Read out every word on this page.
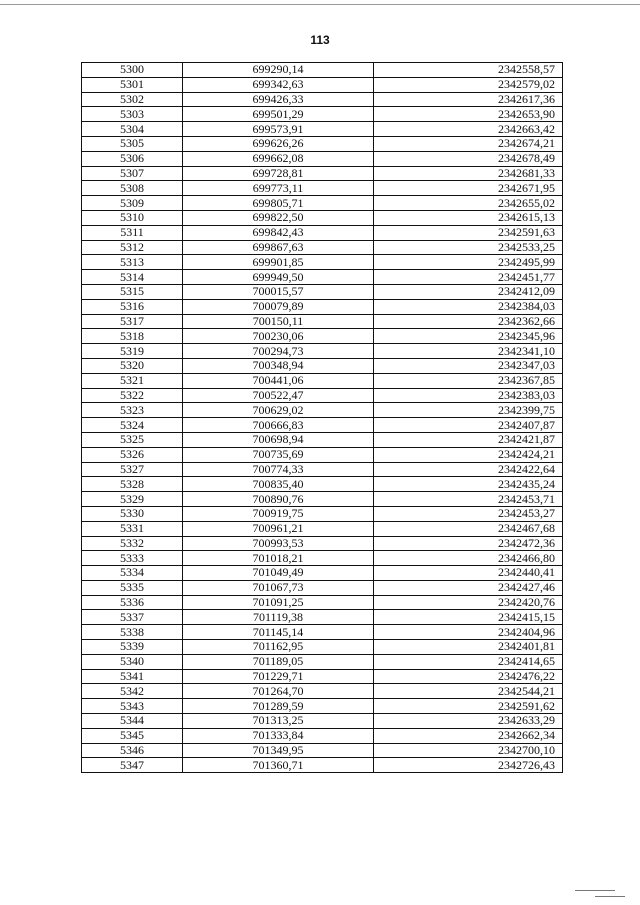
113
5300	699290,14	2342558,57
5301	699342,63	2342579,02
5302	699426,33	2342617,36
5303	699501,29	2342653,90
5304	699573,91	2342663,42
5305	699626,26	2342674,21
5306	699662,08	2342678,49
5307	699728,81	2342681,33
5308	699773,11	2342671,95
5309	699805,71	2342655,02
5310	699822,50	2342615,13
5311	699842,43	2342591,63
5312	699867,63	2342533,25
5313	699901,85	2342495,99
5314	699949,50	2342451,77
5315	700015,57	2342412,09
5316	700079,89	2342384,03
5317	700150,11	2342362,66
5318	700230,06	2342345,96
5319	700294,73	2342341,10
5320	700348,94	2342347,03
5321	700441,06	2342367,85
5322	700522,47	2342383,03
5323	700629,02	2342399,75
5324	700666,83	2342407,87
5325	700698,94	2342421,87
5326	700735,69	2342424,21
5327	700774,33	2342422,64
5328	700835,40	2342435,24
5329	700890,76	2342453,71
5330	700919,75	2342453,27
5331	700961,21	2342467,68
5332	700993,53	2342472,36
5333	701018,21	2342466,80
5334	701049,49	2342440,41
5335	701067,73	2342427,46
5336	701091,25	2342420,76
5337	701119,38	2342415,15
5338	701145,14	2342404,96
5339	701162,95	2342401,81
5340	701189,05	2342414,65
5341	701229,71	2342476,22
5342	701264,70	2342544,21
5343	701289,59	2342591,62
5344	701313,25	2342633,29
5345	701333,84	2342662,34
5346	701349,95	2342700,10
5347	701360,71	2342726,43
